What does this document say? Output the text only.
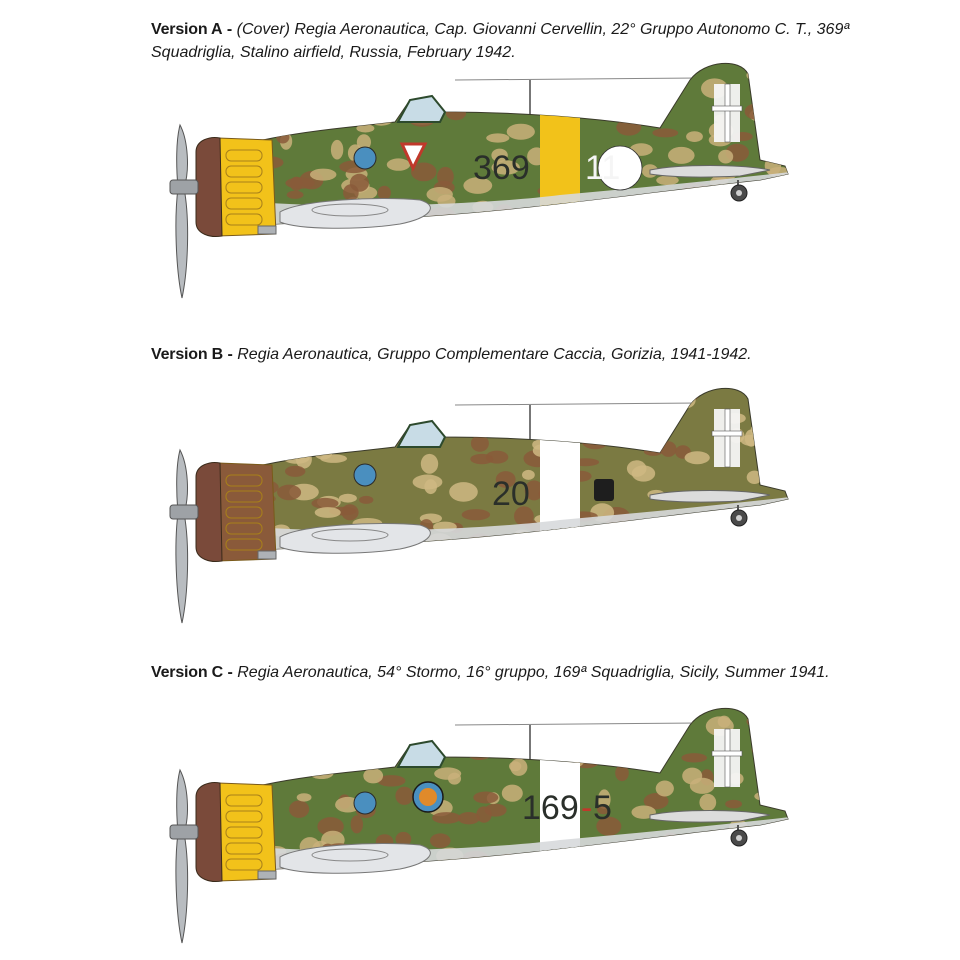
Version A - (Cover) Regia Aeronautica, Cap. Giovanni Cervellin, 22° Gruppo Autonomo C. T., 369ª Squadriglia, Stalino airfield, Russia, February 1942.
Version B - Regia Aeronautica, Gruppo Complementare Caccia, Gorizia, 1941-1942.
Version C - Regia Aeronautica, 54° Stormo, 16° gruppo, 169ª Squadriglia, Sicily, Summer 1941.
369 11
20
169 - 5
